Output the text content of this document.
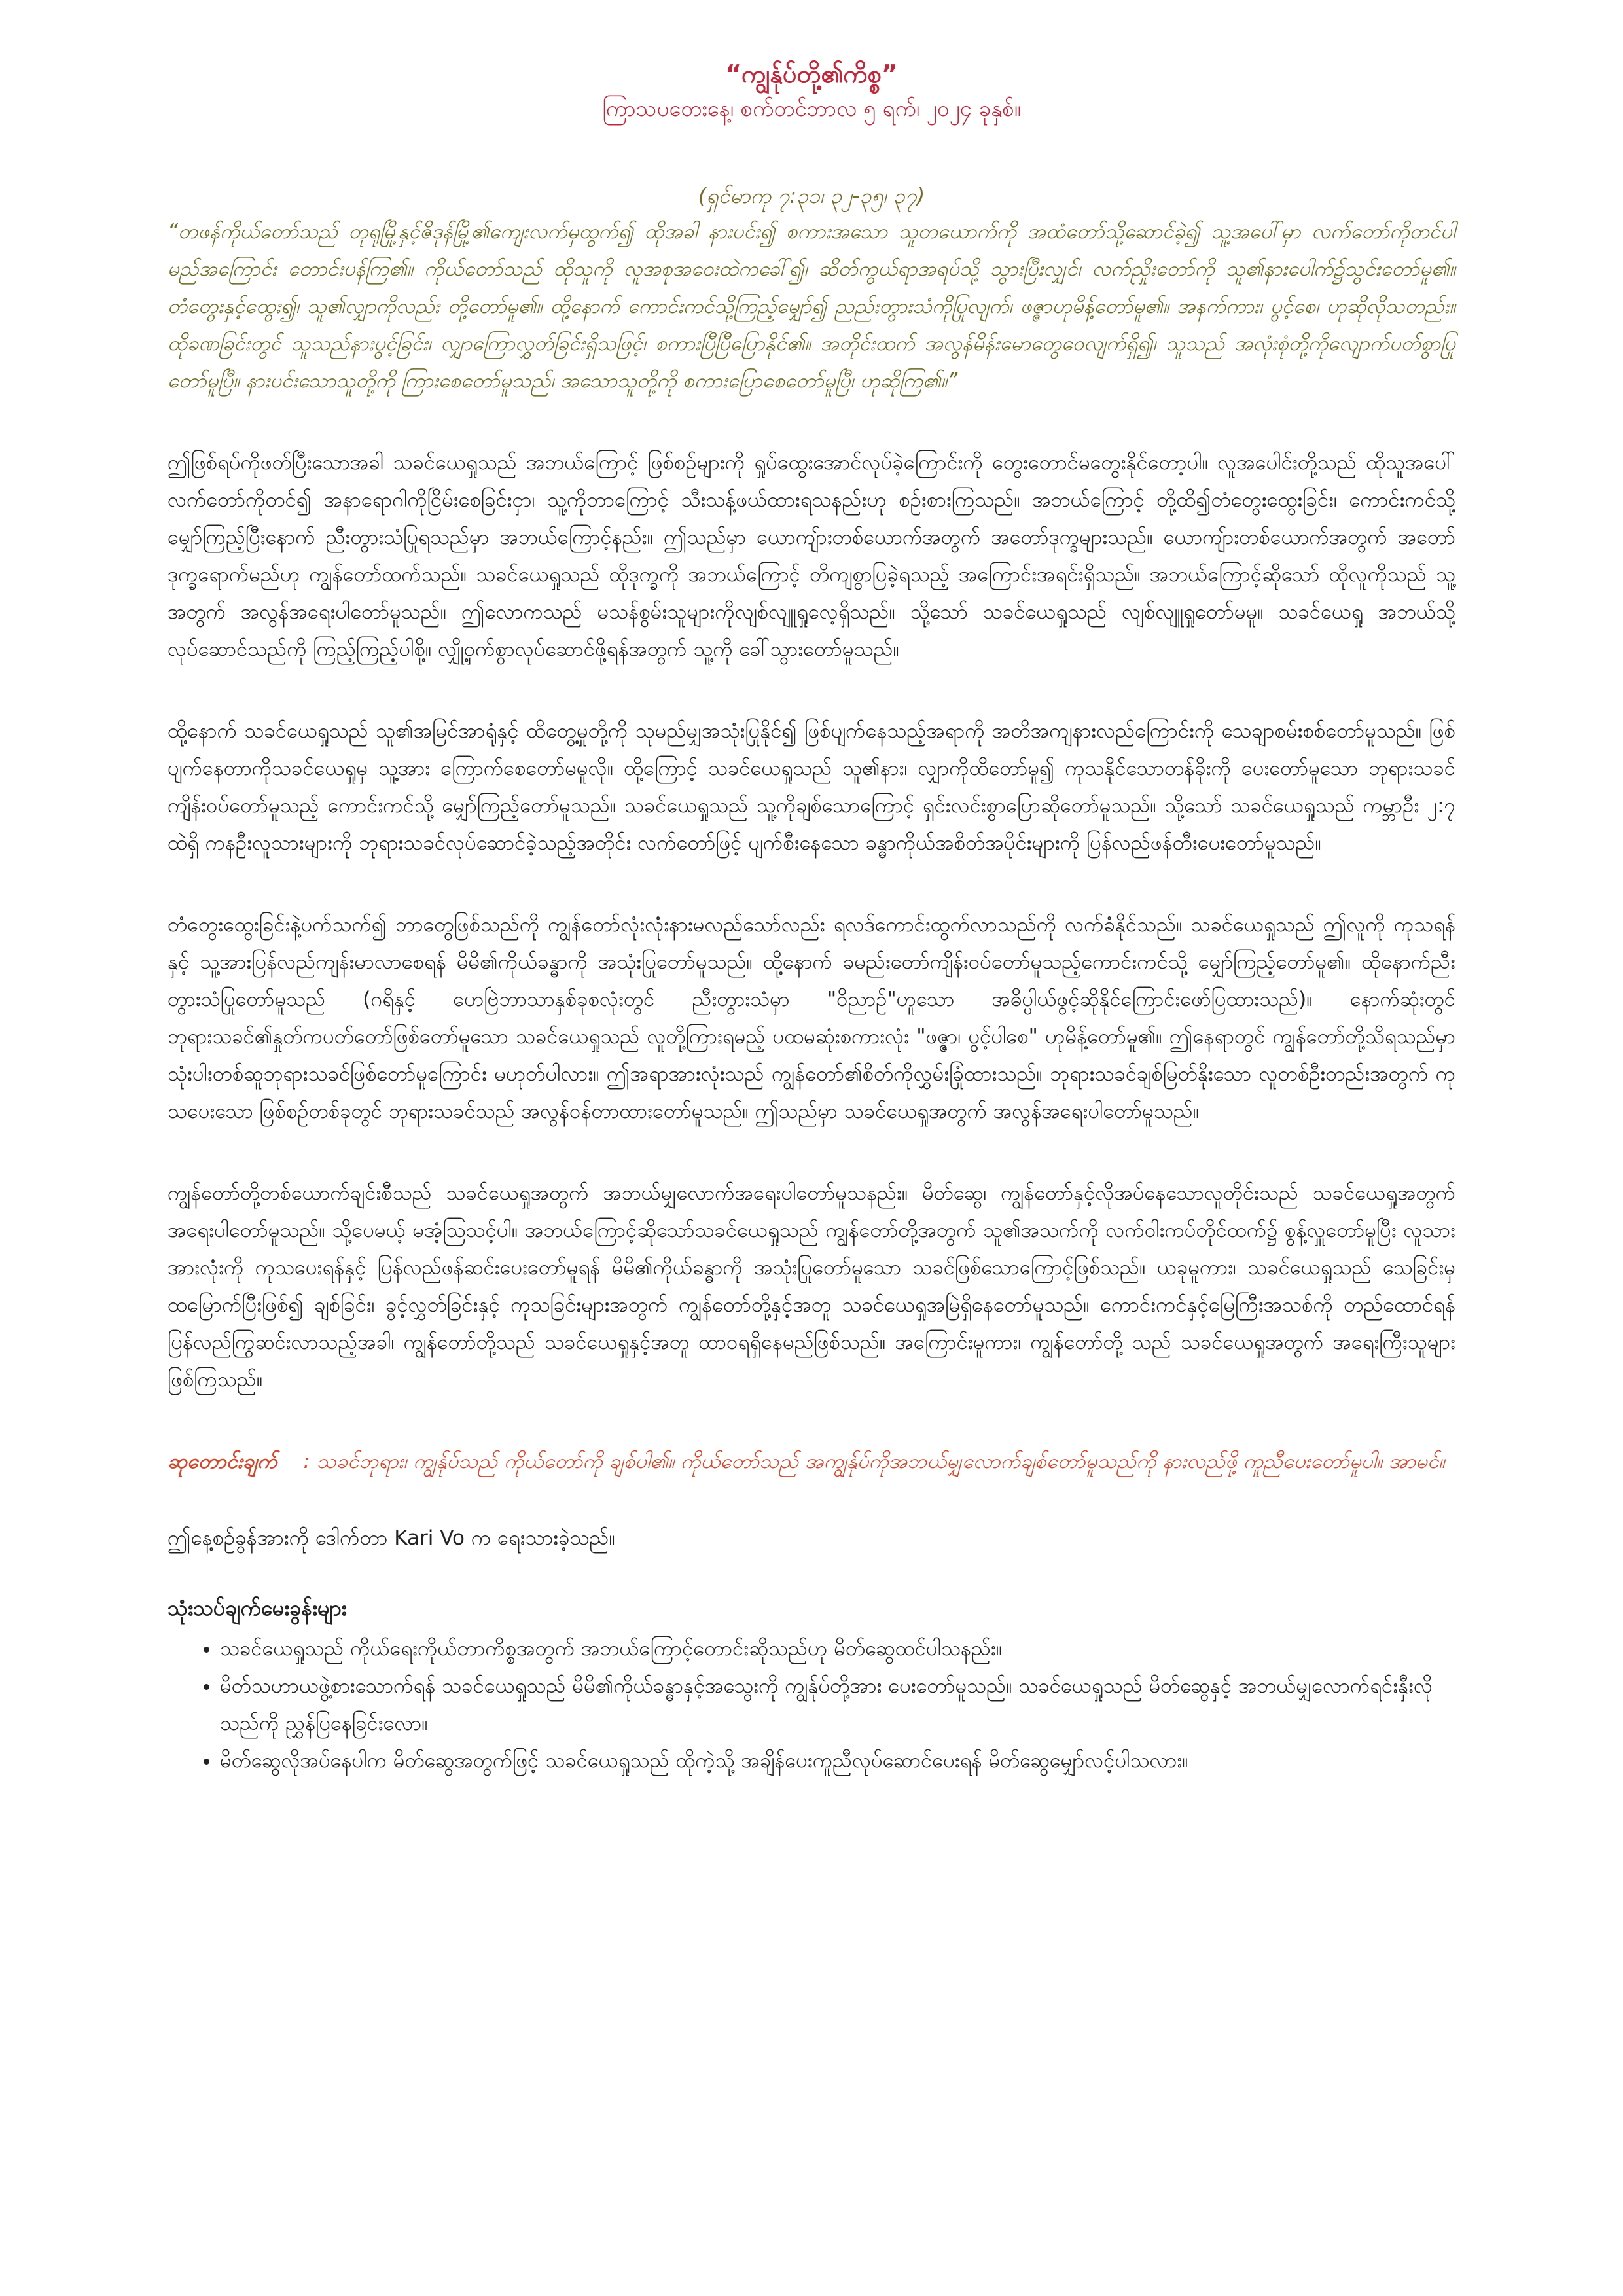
“ကျွန်ုပ်တို့၏ကိစ္စ”

ကြာသပတေးနေ့၊ စက်တင်ဘာလ ၅ ရက်၊ ၂၀၂၄ ခုနှစ်။

(ရှင်မာကု ၇:၃၁၊ ၃၂-၃၅၊ ၃၇)

“တဖန်ကိုယ်တော်သည် တုရုမြို့နှင့်ဇိဒုန်မြို့၏ကျေးလက်မှထွက်၍ ထိုအခါ နားပင်း၍ စကားအသော သူတယောက်ကို အထံတော်သို့ဆောင်ခဲ့၍ သူ့အပေါ်မှာ လက်တော်ကိုတင်ပါမည်အကြောင်း တောင်းပန်ကြ၏။ ကိုယ်တော်သည် ထိုသူကို လူအစုအဝေးထဲကခေါ်၍၊ ဆိတ်ကွယ်ရာအရပ်သို့ သွားပြီးလျှင်၊ လက်ညှိုးတော်ကို သူ၏နားပေါက်၌သွင်းတော်မူ၏။ တံတွေးနှင့်ထွေး၍၊ သူ၏လျှာကိုလည်း တို့တော်မူ၏။ ထို့နောက် ကောင်းကင်သို့ကြည့်မျှော်၍ ညည်းတွားသံကိုပြုလျက်၊ ဖဇ္ဇာဟုမိန့်တော်မူ၏။ အနက်ကား၊ ပွင့်စေ၊ ဟုဆိုလိုသတည်း။ ထိုခဏခြင်းတွင် သူသည်နားပွင့်ခြင်း၊ လျှာကြောလွှတ်ခြင်းရှိသဖြင့်၊ စကားပြီပြီပြောနိုင်၏။ အတိုင်းထက် အလွန်မိန်းမောတွေဝေလျက်ရှိ၍၊ သူသည် အလုံးစုံတို့ကိုလျောက်ပတ်စွာပြုတော်မူပြီ။ နားပင်းသောသူတို့ကို ကြားစေတော်မူသည်၊ အသောသူတို့ကို စကားပြောစေတော်မူပြီ၊ ဟုဆိုကြ၏။”

ဤဖြစ်ရပ်ကိုဖတ်ပြီးသောအခါ သခင်ယေရှုသည် အဘယ်ကြောင့် ဖြစ်စဉ်များကို ရှုပ်ထွေးအောင်လုပ်ခဲ့ကြောင်းကို တွေးတောင်မတွေးနိုင်တော့ပါ။ လူအပေါင်းတို့သည် ထိုသူအပေါ် လက်တော်ကိုတင်၍ အနာရောဂါကိုငြိမ်းစေခြင်းငှာ၊ သူ့ကိုဘာကြောင့် သီးသန့်ဖယ်ထားရသနည်းဟု စဉ်းစားကြသည်။ အဘယ်ကြောင့် တို့ထိ၍တံတွေးထွေးခြင်း၊ ကောင်းကင်သို့မျှော်ကြည့်ပြီးနောက် ညီးတွားသံပြုရသည်မှာ အဘယ်ကြောင့်နည်း။ ဤသည်မှာ ယောကျ်ားတစ်ယောက်အတွက် အတော်ဒုက္ခများသည်။ ယောကျ်ားတစ်ယောက်အတွက် အတော်ဒုက္ခရောက်မည်ဟု ကျွန်တော်ထက်သည်။ သခင်ယေရှုသည် ထိုဒုက္ခကို အဘယ်ကြောင့် တိကျစွာပြခဲ့ရသည့် အကြောင်းအရင်းရှိသည်။ အဘယ်ကြောင့်ဆိုသော် ထိုလူကိုသည် သူ့အတွက် အလွန်အရေးပါတော်မူသည်။ ဤလောကသည် မသန်စွမ်းသူများကိုလျစ်လျူရှုလေ့ရှိသည်။ သို့သော် သခင်ယေရှုသည် လျစ်လျူရှုတော်မမူ။ သခင်ယေရှု အဘယ်သို့ လုပ်ဆောင်သည်ကို ကြည့်ကြည့်ပါစို့။ လျှို့ဝှက်စွာလုပ်ဆောင်ဖို့ရန်အတွက် သူ့ကို ခေါ်သွားတော်မူသည်။

ထို့နောက် သခင်ယေရှုသည် သူ၏အမြင်အာရုံနှင့် ထိတွေ့မှုတို့ကို သုမည်မျှအသုံးပြုနိုင်၍ ဖြစ်ပျက်နေသည့်အရာကို အတိအကျနားလည်ကြောင်းကို သေချာစမ်းစစ်တော်မူသည်။ ဖြစ်ပျက်နေတာကိုသခင်ယေရှုမှ သူ့အား ကြောက်စေတော်မမူလို။ ထို့ကြောင့် သခင်ယေရှုသည် သူ၏နား၊ လျှာကိုထိတော်မူ၍ ကုသနိုင်သောတန်ခိုးကို ပေးတော်မူသော ဘုရားသခင်ကျိန်းဝပ်တော်မူသည့် ကောင်းကင်သို့ မျှော်ကြည့်တော်မူသည်။ သခင်ယေရှုသည် သူ့ကိုချစ်သောကြောင့် ရှင်းလင်းစွာပြောဆိုတော်မူသည်။ သို့သော် သခင်ယေရှုသည် ကမ္ဘာဦး ၂:၇ ထဲရှိ ကနဦးလူသားများကို ဘုရားသခင်လုပ်ဆောင်ခဲ့သည့်အတိုင်း လက်တော်ဖြင့် ပျက်စီးနေသော ခန္ဓာကိုယ်အစိတ်အပိုင်းများကို ပြန်လည်ဖန်တီးပေးတော်မူသည်။

တံတွေးထွေးခြင်းနဲ့ပက်သက်၍ ဘာတွေဖြစ်သည်ကို ကျွန်တော်လုံးလုံးနားမလည်သော်လည်း ရလဒ်ကောင်းထွက်လာသည်ကို လက်ခံနိုင်သည်။ သခင်ယေရှုသည် ဤလူကို ကုသရန်နှင့် သူ့အားပြန်လည်ကျန်းမာလာစေရန် မိမိ၏ကိုယ်ခန္ဓာကို အသုံးပြုတော်မူသည်။ ထို့နောက် ခမည်းတော်ကျိန်းဝပ်တော်မူသည့်ကောင်းကင်သို့ မျှော်ကြည့်တော်မူ၏။ ထိုနောက်ညီးတွားသံပြုတော်မူသည် (ဂရိနှင့် ဟေဗြဲဘာသာနှစ်ခုစလုံးတွင် ညီးတွားသံမှာ "ဝိညာဉ်"ဟူသော အဓိပ္ပါယ်ဖွင့်ဆိုနိုင်ကြောင်းဖော်ပြထားသည်)။ နောက်ဆုံးတွင် ဘုရားသခင်၏နှုတ်ကပတ်တော်ဖြစ်တော်မူသော သခင်ယေရှုသည် လူတို့ကြားရမည့် ပထမဆုံးစကားလုံး "ဖဇ္ဇာ၊ ပွင့်ပါစေ" ဟုမိန့်တော်မူ၏။ ဤနေရာတွင် ကျွန်တော်တို့သိရသည်မှာ သုံးပါးတစ်ဆူဘုရားသခင်ဖြစ်တော်မူကြောင်း မဟုတ်ပါလား။ ဤအရာအားလုံးသည် ကျွန်တော်၏စိတ်ကိုလွှမ်းခြုံထားသည်။ ဘုရားသခင်ချစ်မြတ်နိုးသော လူတစ်ဦးတည်းအတွက် ကုသပေးသော ဖြစ်စဉ်တစ်ခုတွင် ဘုရားသခင်သည် အလွန်ဝန်တာထားတော်မူသည်။ ဤသည်မှာ သခင်ယေရှုအတွက် အလွန်အရေးပါတော်မူသည်။

ကျွန်တော်တို့တစ်ယောက်ချင်းစီသည် သခင်ယေရှုအတွက် အဘယ်မျှလောက်အရေးပါတော်မူသနည်း။ မိတ်ဆွေ၊ ကျွန်တော်နှင့်လိုအပ်နေသောလူတိုင်းသည် သခင်ယေရှုအတွက် အရေးပါတော်မူသည်။ သို့ပေမယ့် မအံ့သြသင့်ပါ။ အဘယ်ကြောင့်ဆိုသော်သခင်ယေရှုသည် ကျွန်တော်တို့အတွက် သူ၏အသက်ကို လက်ဝါးကပ်တိုင်ထက်၌ စွန့်လှူတော်မူပြီး လူသားအားလုံးကို ကုသပေးရန်နှင့် ပြန်လည်ဖန်ဆင်းပေးတော်မူရန် မိမိ၏ကိုယ်ခန္ဓာကို အသုံးပြုတော်မူသော သခင်ဖြစ်သောကြောင့်ဖြစ်သည်။ ယခုမူကား၊ သခင်ယေရှုသည် သေခြင်းမှထမြောက်ပြီးဖြစ်၍ ချစ်ခြင်း၊ ခွင့်လွှတ်ခြင်းနှင့် ကုသခြင်းများအတွက် ကျွန်တော်တို့နှင့်အတူ သခင်ယေရှုအမြဲရှိနေတော်မူသည်။ ကောင်းကင်နှင့်မြေကြီးအသစ်ကို တည်ထောင်ရန် ပြန်လည်ကြွဆင်းလာသည့်အခါ၊ ကျွန်တော်တို့သည် သခင်ယေရှုနှင့်အတူ ထာဝရရှိနေမည်ဖြစ်သည်။ အကြောင်းမူကား၊ ကျွန်တော်တို့ သည် သခင်ယေရှုအတွက် အရေးကြီးသူများဖြစ်ကြသည်။

ဆုတောင်းချက် : သခင်ဘုရား၊ ကျွန်ုပ်သည် ကိုယ်တော်ကို ချစ်ပါ၏။ ကိုယ်တော်သည် အကျွန်ုပ်ကိုအဘယ်မျှလောက်ချစ်တော်မူသည်ကို နားလည်ဖို့ ကူညီပေးတော်မူပါ။ အာမင်။

ဤနေ့စဉ်ခွန်အားကို ဒေါက်တာ Kari Vo က ရေးသားခဲ့သည်။

သုံးသပ်ချက်မေးခွန်းများ

• သခင်ယေရှုသည် ကိုယ်ရေးကိုယ်တာကိစ္စအတွက် အဘယ်ကြောင့်တောင်းဆိုသည်ဟု မိတ်ဆွေထင်ပါသနည်း။
• မိတ်သဟာယဖွဲ့စားသောက်ရန် သခင်ယေရှုသည် မိမိ၏ကိုယ်ခန္ဓာနှင့်အသွေးကို ကျွန်ုပ်တို့အား ပေးတော်မူသည်။ သခင်ယေရှုသည် မိတ်ဆွေနှင့် အဘယ်မျှလောက်ရင်းနှီးလိုသည်ကို ညွှန်ပြနေခြင်းလော။
• မိတ်ဆွေလိုအပ်နေပါက မိတ်ဆွေအတွက်ဖြင့် သခင်ယေရှုသည် ထိုကဲ့သို့ အချိန်ပေးကူညီလုပ်ဆောင်ပေးရန် မိတ်ဆွေမျှော်လင့်ပါသလား။
